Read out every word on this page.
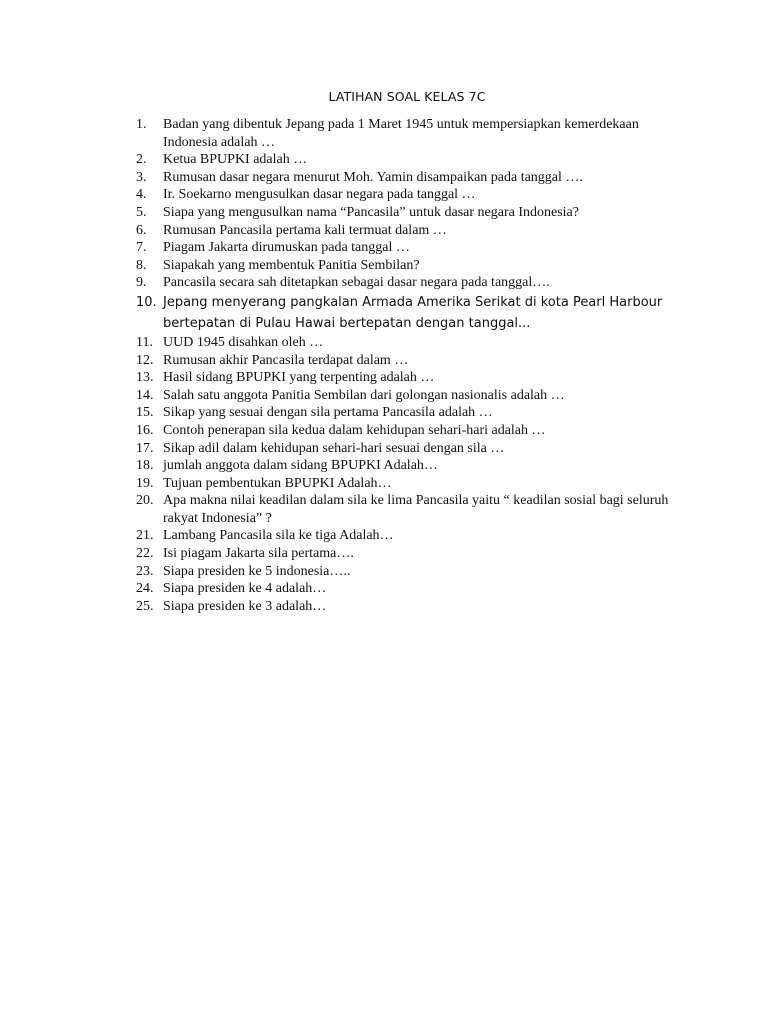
LATIHAN SOAL KELAS 7C
1.	Badan yang dibentuk Jepang pada 1 Maret 1945 untuk mempersiapkan kemerdekaan Indonesia adalah …
2.	Ketua BPUPKI adalah …
3.	Rumusan dasar negara menurut Moh. Yamin disampaikan pada tanggal ….
4.	Ir. Soekarno mengusulkan dasar negara pada tanggal …
5.	Siapa yang mengusulkan nama “Pancasila” untuk dasar negara Indonesia?
6.	Rumusan Pancasila pertama kali termuat dalam …
7.	Piagam Jakarta dirumuskan pada tanggal …
8.	Siapakah yang membentuk Panitia Sembilan?
9.	Pancasila secara sah ditetapkan sebagai dasar negara pada tanggal….
10. Jepang menyerang pangkalan Armada Amerika Serikat di kota Pearl Harbour bertepatan di Pulau Hawai bertepatan dengan tanggal...
11. UUD 1945 disahkan oleh …
12. Rumusan akhir Pancasila terdapat dalam …
13. Hasil sidang BPUPKI yang terpenting adalah …
14. Salah satu anggota Panitia Sembilan dari golongan nasionalis adalah …
15. Sikap yang sesuai dengan sila pertama Pancasila adalah …
16. Contoh penerapan sila kedua dalam kehidupan sehari-hari adalah …
17. Sikap adil dalam kehidupan sehari-hari sesuai dengan sila …
18. jumlah anggota dalam sidang BPUPKI Adalah…
19. Tujuan pembentukan BPUPKI Adalah…
20. Apa makna nilai keadilan dalam sila ke lima Pancasila yaitu “ keadilan sosial bagi seluruh rakyat Indonesia” ?
21. Lambang Pancasila sila ke tiga Adalah…
22. Isi piagam Jakarta sila pertama….
23. Siapa presiden ke 5 indonesia…..
24. Siapa presiden ke 4 adalah…
25. Siapa presiden ke 3 adalah…
